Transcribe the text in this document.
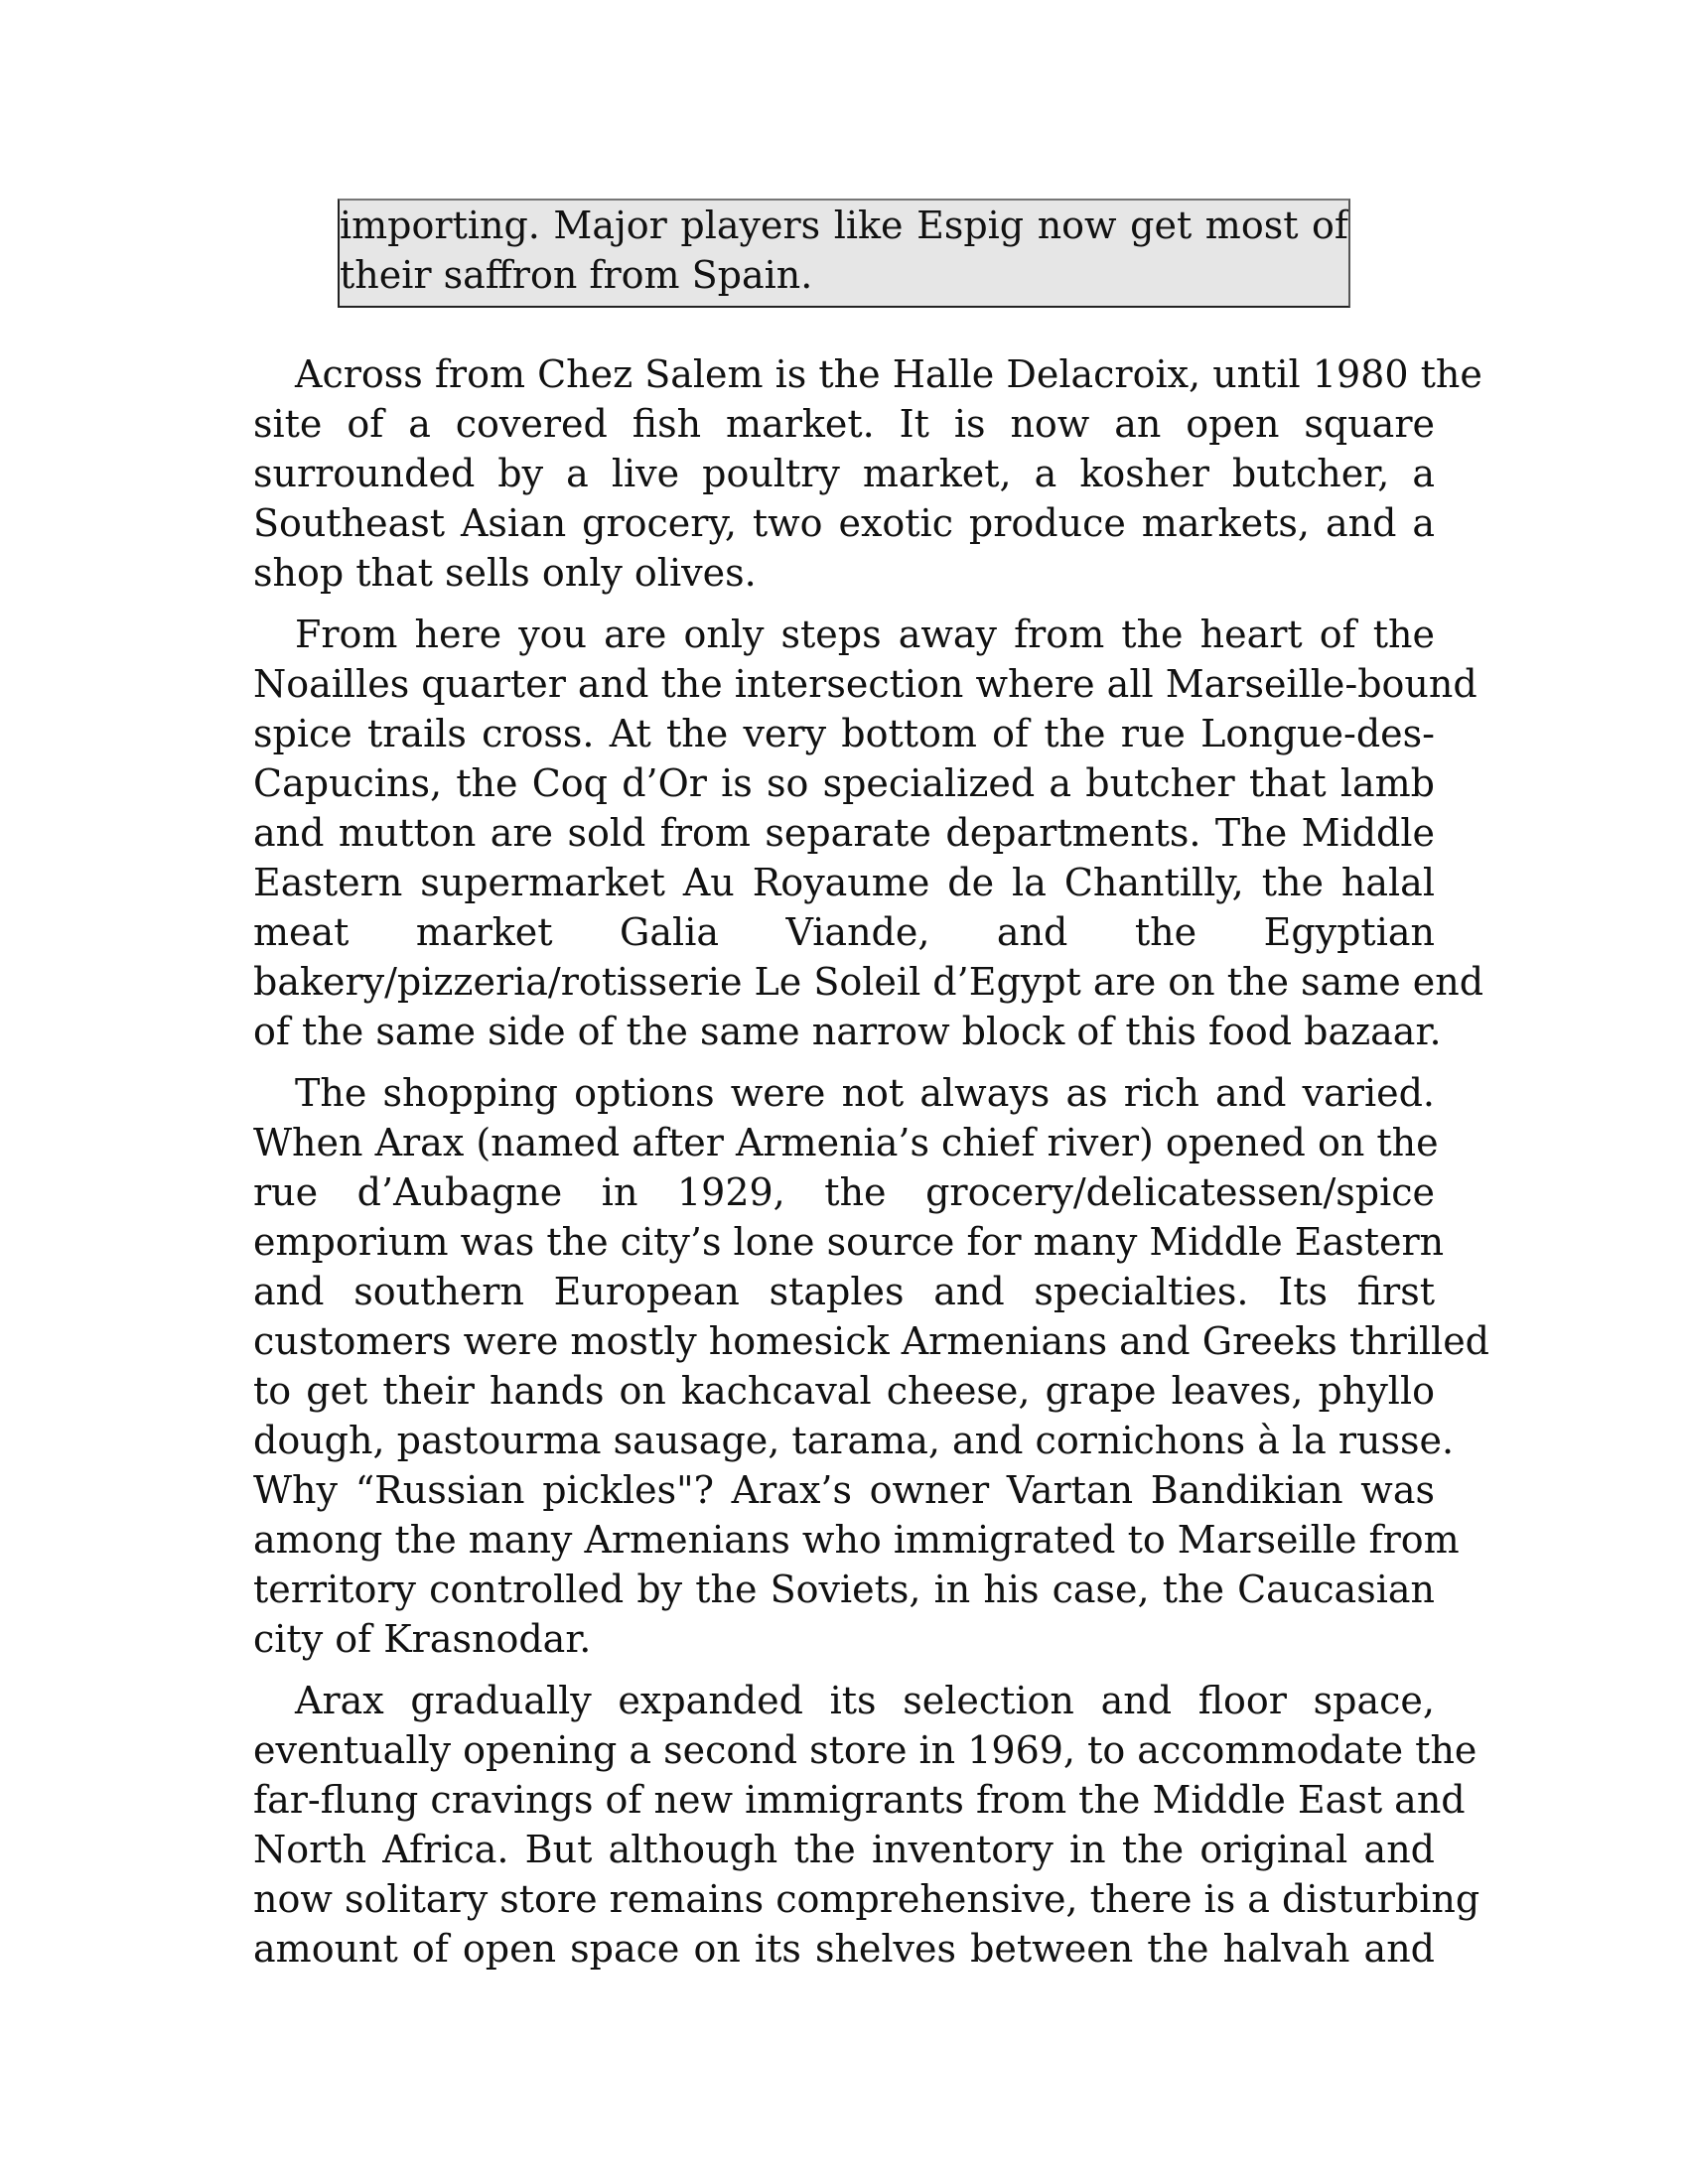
importing. Major players like Espig now get most of
their saffron from Spain.

Across from Chez Salem is the Halle Delacroix, until 1980 the
site of a covered fish market. It is now an open square
surrounded by a live poultry market, a kosher butcher, a
Southeast Asian grocery, two exotic produce markets, and a
shop that sells only olives.

From here you are only steps away from the heart of the
Noailles quarter and the intersection where all Marseille-bound
spice trails cross. At the very bottom of the rue Longue-des-
Capucins, the Coq d’Or is so specialized a butcher that lamb
and mutton are sold from separate departments. The Middle
Eastern supermarket Au Royaume de la Chantilly, the halal
meat market Galia Viande, and the Egyptian
bakery/pizzeria/rotisserie Le Soleil d’Egypt are on the same end
of the same side of the same narrow block of this food bazaar.

The shopping options were not always as rich and varied.
When Arax (named after Armenia’s chief river) opened on the
rue d’Aubagne in 1929, the grocery/delicatessen/spice
emporium was the city’s lone source for many Middle Eastern
and southern European staples and specialties. Its first
customers were mostly homesick Armenians and Greeks thrilled
to get their hands on kachcaval cheese, grape leaves, phyllo
dough, pastourma sausage, tarama, and cornichons à la russe.
Why “Russian pickles"? Arax’s owner Vartan Bandikian was
among the many Armenians who immigrated to Marseille from
territory controlled by the Soviets, in his case, the Caucasian
city of Krasnodar.

Arax gradually expanded its selection and floor space,
eventually opening a second store in 1969, to accommodate the
far-flung cravings of new immigrants from the Middle East and
North Africa. But although the inventory in the original and
now solitary store remains comprehensive, there is a disturbing
amount of open space on its shelves between the halvah and
